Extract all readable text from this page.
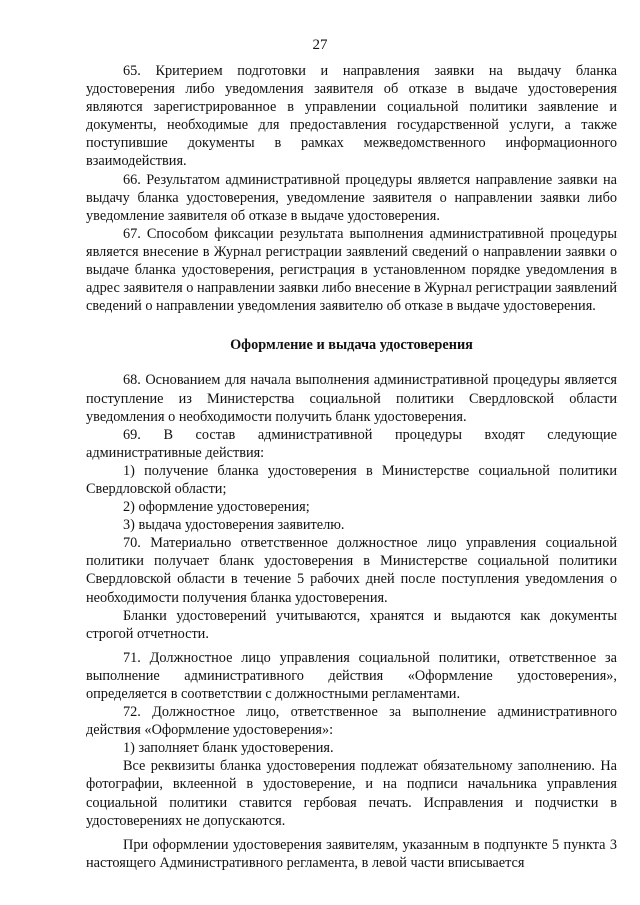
27

65. Критерием подготовки и направления заявки на выдачу бланка удостоверения либо уведомления заявителя об отказе в выдаче удостоверения являются зарегистрированное в управлении социальной политики заявление и документы, необходимые для предоставления государственной услуги, а также поступившие документы в рамках межведомственного информационного взаимодействия.

66. Результатом административной процедуры является направление заявки на выдачу бланка удостоверения, уведомление заявителя о направлении заявки либо уведомление заявителя об отказе в выдаче удостоверения.

67. Способом фиксации результата выполнения административной процедуры является внесение в Журнал регистрации заявлений сведений о направлении заявки о выдаче бланка удостоверения, регистрация в установленном порядке уведомления в адрес заявителя о направлении заявки либо внесение в Журнал регистрации заявлений сведений о направлении уведомления заявителю об отказе в выдаче удостоверения.

Оформление и выдача удостоверения

68. Основанием для начала выполнения административной процедуры является поступление из Министерства социальной политики Свердловской области уведомления о необходимости получить бланк удостоверения.

69. В состав административной процедуры входят следующие административные действия:

1) получение бланка удостоверения в Министерстве социальной политики Свердловской области;

2) оформление удостоверения;

3) выдача удостоверения заявителю.

70. Материально ответственное должностное лицо управления социальной политики получает бланк удостоверения в Министерстве социальной политики Свердловской области в течение 5 рабочих дней после поступления уведомления о необходимости получения бланка удостоверения.

Бланки удостоверений учитываются, хранятся и выдаются как документы строгой отчетности.

71. Должностное лицо управления социальной политики, ответственное за выполнение административного действия «Оформление удостоверения», определяется в соответствии с должностными регламентами.

72. Должностное лицо, ответственное за выполнение административного действия «Оформление удостоверения»:

1) заполняет бланк удостоверения.

Все реквизиты бланка удостоверения подлежат обязательному заполнению. На фотографии, вклеенной в удостоверение, и на подписи начальника управления социальной политики ставится гербовая печать. Исправления и подчистки в удостоверениях не допускаются.

При оформлении удостоверения заявителям, указанным в подпункте 5 пункта 3 настоящего Административного регламента, в левой части вписывается
